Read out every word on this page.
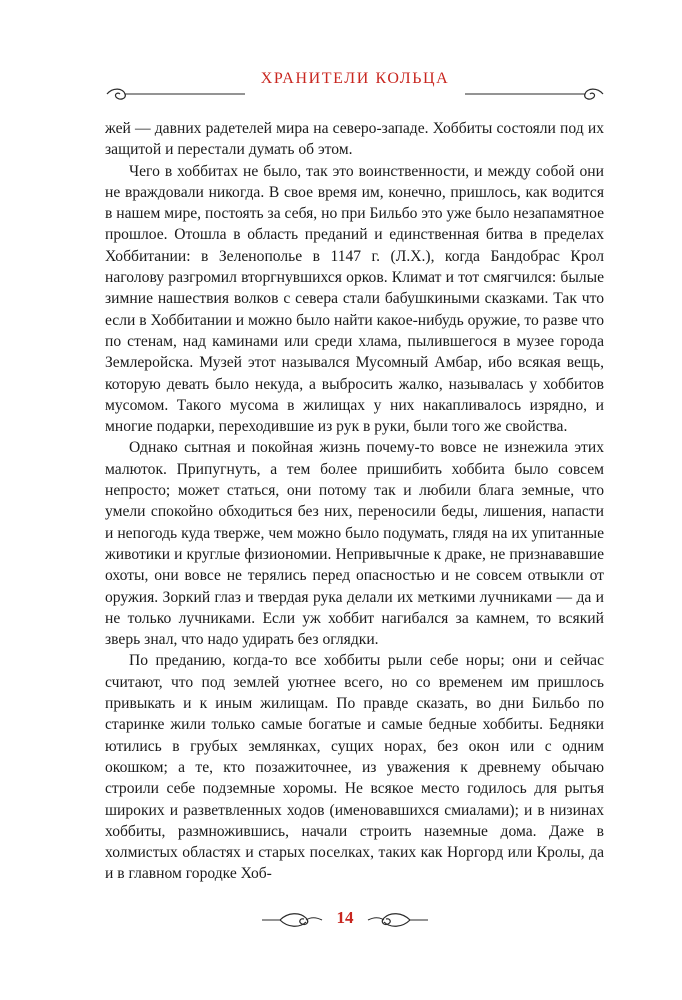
ХРАНИТЕЛИ КОЛЬЦА

жей — давних радетелей мира на северо-западе. Хоббиты состояли под их защитой и перестали думать об этом.

Чего в хоббитах не было, так это воинственности, и между собой они не враждовали никогда. В свое время им, конечно, пришлось, как водится в нашем мире, постоять за себя, но при Бильбо это уже было незапамятное прошлое. Отошла в область преданий и единственная битва в пределах Хоббитании: в Зеленополье в 1147 г. (Л.Х.), когда Бандобрас Крол наголову разгромил вторгнувшихся орков. Климат и тот смягчился: былые зимние нашествия волков с севера стали бабушкиными сказками. Так что если в Хоббитании и можно было найти какое-нибудь оружие, то разве что по стенам, над каминами или среди хлама, пылившегося в музее города Землеройска. Музей этот назывался Мусомный Амбар, ибо всякая вещь, которую девать было некуда, а выбросить жалко, называлась у хоббитов мусомом. Такого мусома в жилищах у них накапливалось изрядно, и многие подарки, переходившие из рук в руки, были того же свойства.

Однако сытная и покойная жизнь почему-то вовсе не изнежила этих малюток. Припугнуть, а тем более пришибить хоббита было совсем непросто; может статься, они потому так и любили блага земные, что умели спокойно обходиться без них, переносили беды, лишения, напасти и непогодь куда тверже, чем можно было подумать, глядя на их упитанные животики и круглые физиономии. Непривычные к драке, не признававшие охоты, они вовсе не терялись перед опасностью и не совсем отвыкли от оружия. Зоркий глаз и твердая рука делали их меткими лучниками — да и не только лучниками. Если уж хоббит нагибался за камнем, то всякий зверь знал, что надо удирать без оглядки.

По преданию, когда-то все хоббиты рыли себе норы; они и сейчас считают, что под землей уютнее всего, но со временем им пришлось привыкать и к иным жилищам. По правде сказать, во дни Бильбо по старинке жили только самые богатые и самые бедные хоббиты. Бедняки ютились в грубых землянках, сущих норах, без окон или с одним окошком; а те, кто позажиточнее, из уважения к древнему обычаю строили себе подземные хоромы. Не всякое место годилось для рытья широких и разветвленных ходов (именовавшихся смиалами); и в низинах хоббиты, размножившись, начали строить наземные дома. Даже в холмистых областях и старых поселках, таких как Норгорд или Кролы, да и в главном городке Хоб-

14
